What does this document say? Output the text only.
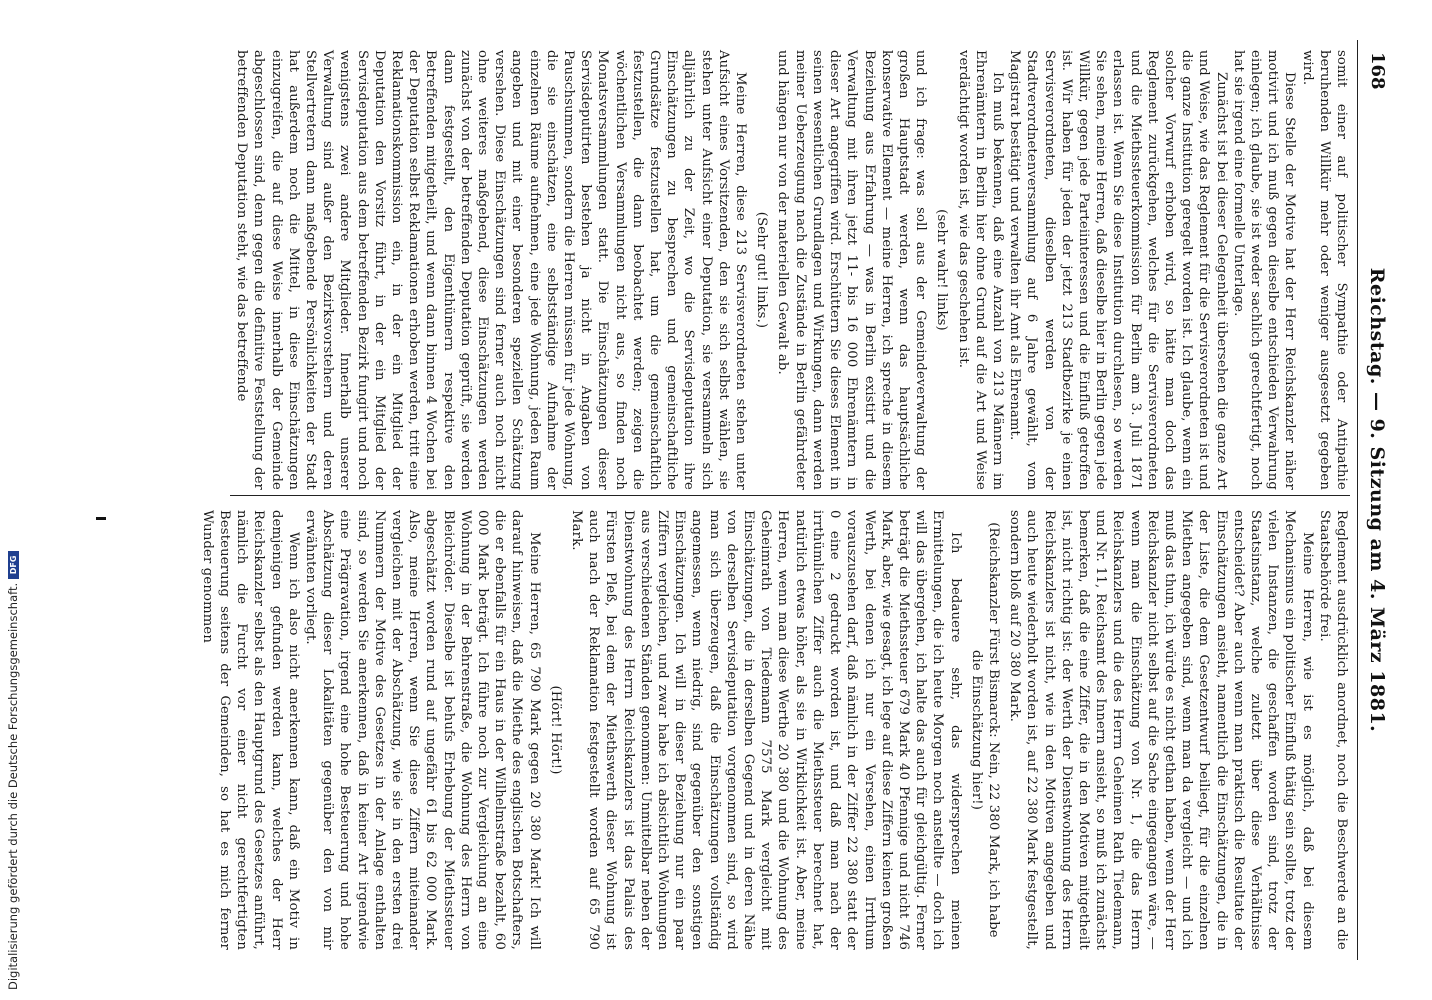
168
Reichstag. — 9. Sitzung am 4. März 1881.

somit einer auf politischer Sympathie oder Antipathie beruhenden Willkür mehr oder weniger ausgesetzt gegeben wird.

Diese Stelle der Motive hat der Herr Reichskanzler näher motivirt und ich muß gegen dieselbe entschieden Verwahrung einlegen; ich glaube, sie ist weder sachlich gerechtfertigt, noch hat sie irgend eine formelle Unterlage.

Zunächst ist bei dieser Gelegenheit übersehen die ganze Art und Weise, wie das Reglement für die Servisverordneten ist und die ganze Institution geregelt worden ist. Ich glaube, wenn ein solcher Vorwurf erhoben wird, so hätte man doch das Reglement zurückgehen, welches für die Servisverordneten und die Miethssteuerkommission für Berlin am 3. Juli 1871 erlassen ist. Wenn Sie diese Institution durchlesen, so werden Sie sehen, meine Herren, daß dieselbe hier in Berlin gegen jede Willkür, gegen jede Parteiinteressen und die Einfluß getroffen ist. Wir haben für jeden der jetzt 213 Stadtbezirke je einen Servisverordneten, dieselben werden von der Stadtverordnetenversammlung auf 6 Jahre gewählt, vom Magistrat bestätigt und verwalten ihr Amt als Ehrenamt.

Ich muß bekennen, daß eine Anzahl von 213 Männern im Ehrenämtern in Berlin hier ohne Grund auf die Art und Weise verdächtigt worden ist, wie das geschehen ist.

(sehr wahr! links)

und ich frage: was soll aus der Gemeindeverwaltung der großen Hauptstadt werden, wenn das hauptsächliche konservative Element — meine Herren, ich spreche in diesem Beziehung aus Erfahrung — was in Berlin existirt und die Verwaltung mit ihren jetzt 11- bis 16 000 Ehrenämtern in dieser Art angegriffen wird. Erschüttern Sie dieses Element in seinen wesentlichen Grundlagen und Wirkungen, dann werden meiner Ueberzeugung nach die Zustände in Berlin gefährdeter und hängen nur von der materiellen Gewalt ab.

(Sehr gut! links.)

Meine Herren, diese 213 Servisverordneten stehen unter Aufsicht eines Vorsitzenden, den sie sich selbst wählen, sie stehen unter Aufsicht einer Deputation, sie versammeln sich alljährlich zu der Zeit, wo die Servisdeputation ihre Einschätzungen zu besprechen und gemeinschaftliche Grundsätze festzustellen hat, um die gemeinschaftlich festzustellen, die dann beobachtet werden; zeigen die wöchentlichen Versammlungen nicht aus, so finden noch Monatsversammlungen statt. Die Einschätzungen dieser Servisdeputirten bestehen ja nicht in Angaben von Pauschsummen, sondern die Herren müssen für jede Wohnung, die sie einschätzen, eine selbstständige Aufnahme der einzelnen Räume aufnehmen, eine jede Wohnung, jeden Raum angeben und mit einer besonderen speziellen Schätzung versehen. Diese Einschätzungen sind ferner auch noch nicht ohne weiteres maßgebend, diese Einschätzungen werden zunächst von der betreffenden Deputation geprüft, sie werden dann festgestellt, den Eigenthümern respektive den Betreffenden mitgetheilt, und wenn dann binnen 4 Wochen bei der Deputation selbst Reklamationen erhoben werden, tritt eine Reklamationskommission ein, in der ein Mitglied der Deputation den Vorsitz führt, in der ein Mitglied der Servisdeputation aus dem betreffenden Bezirk fungirt und noch wenigstens zwei andere Mitglieder. Innerhalb unserer Verwaltung sind außer den Bezirksvorstehern und deren Stellvertretern dann maßgebende Persönlichkeiten der Stadt hat außerdem noch die Mittel, in diese Einschätzungen einzugreifen, die auf diese Weise innerhalb der Gemeinde abgeschlossen sind, denn gegen die definitive Feststellung der betreffenden Deputation steht, wie das betreffende

Reglement ausdrücklich anordnet, noch die Beschwerde an die Staatsbehörde frei.

Meine Herren, wie ist es möglich, daß bei diesem Mechanismus ein politischer Einfluß thätig sein sollte, trotz der vielen Instanzen, die geschaffen worden sind, trotz der Staatsinstanz, welche zuletzt über diese Verhältnisse entscheidet? Aber auch wenn man praktisch die Resultate der Einschätzungen ansieht, namentlich die Einschätzungen, die in der Liste, die dem Gesetzentwurf beiliegt, für die einzelnen Miethen angegeben sind, wenn man da vergleicht — und ich muß das thun, ich würde es nicht gethan haben, wenn der Herr Reichskanzler nicht selbst auf die Sache eingegangen wäre, — wenn man die Einschätzung von Nr. 1, die das Herrn Reichskanzlers und die des Herrn Geheimen Rath Tiedemann, und Nr. 11, Reichsamt des Innern ansieht, so muß ich zunächst bemerken, daß die eine Ziffer, die in den Motiven mitgetheilt ist, nicht richtig ist: der Werth der Dienstwohnung des Herrn Reichskanzlers ist nicht, wie in den Motiven angegeben und auch heute wiederholt worden ist, auf 22 380 Mark festgestellt, sondern bloß auf 20 380 Mark.

(Reichskanzler Fürst Bismarck: Nein, 22 380 Mark, ich habe die Einschätzung hier!)

Ich bedauere sehr, das widersprechen meinen Ermittelungen, die ich heute Morgen noch anstellte — doch ich will das übergehen, ich halte das auch für gleichgültig. Ferner beträgt die Miethssteuer 679 Mark 40 Pfennige und nicht 746 Mark, aber, wie gesagt, ich lege auf diese Ziffern keinen großen Werth, bei denen ich nur ein Versehen, einen Irrthum vorauszusehen darf, daß nämlich in der Ziffer 22 380 statt der 0 eine 2 gedruckt worden ist, und daß man nach der irrthümlichen Ziffer auch die Miethssteuer berechnet hat, natürlich etwas höher, als sie in Wirklichkeit ist. Aber, meine Herren, wenn man diese Werthe 20 380 und die Wohnung des Geheimrath von Tiedemann 7575 Mark vergleicht mit Einschätzungen, die in derselben Gegend und in deren Nähe von derselben Servisdeputation vorgenommen sind, so wird man sich überzeugen, daß die Einschätzungen vollständig angemessen, wenn niedrig, sind gegenüber den sonstigen Einschätzungen. Ich will in dieser Beziehung nur ein paar Ziffern vergleichen, und zwar habe ich absichtlich Wohnungen aus verschiedenen Ständen genommen: Unmittelbar neben der Dienstwohnung des Herrn Reichskanzlers ist das Palais des Fürsten Pleß, bei dem der Miethswerth dieser Wohnung ist auch nach der Reklamation festgestellt worden auf 65 790 Mark.

(Hört! Hört!)

Meine Herren, 65 790 Mark gegen 20 380 Mark! Ich will darauf hinweisen, daß die Miethe des englischen Botschafters, die er ebenfalls für ein Haus in der Wilhelmstraße bezahlt, 60 000 Mark beträgt. Ich führe noch zur Vergleichung an eine Wohnung in der Behrenstraße, die Wohnung des Herrn von Bleichröder. Dieselbe ist behufs Erhebung der Miethssteuer abgeschätzt worden rund auf ungefähr 61 bis 62 000 Mark. Also, meine Herren, wenn Sie diese Ziffern miteinander vergleichen mit der Abschätzung, wie sie in den ersten drei Nummern der Motive des Gesetzes in der Anlage enthalten sind, so werden Sie anerkennen, daß in keiner Art irgendwie eine Prägravation, irgend eine hohe Besteuerung und hohe Abschätzung dieser Lokalitäten gegenüber den von mir erwähnten vorliegt.

Wenn ich also nicht anerkennen kann, daß ein Motiv in demjenigen gefunden werden kann, welches der Herr Reichskanzler selbst als den Hauptgrund des Gesetzes anführt, nämlich die Furcht vor einer nicht gerechtfertigten Besteuerung seitens der Gemeinden, so hat es mich ferner Wunder genommen

Digitalisierung gefördert durch die Deutsche Forschungsgemeinschaft.DFG
